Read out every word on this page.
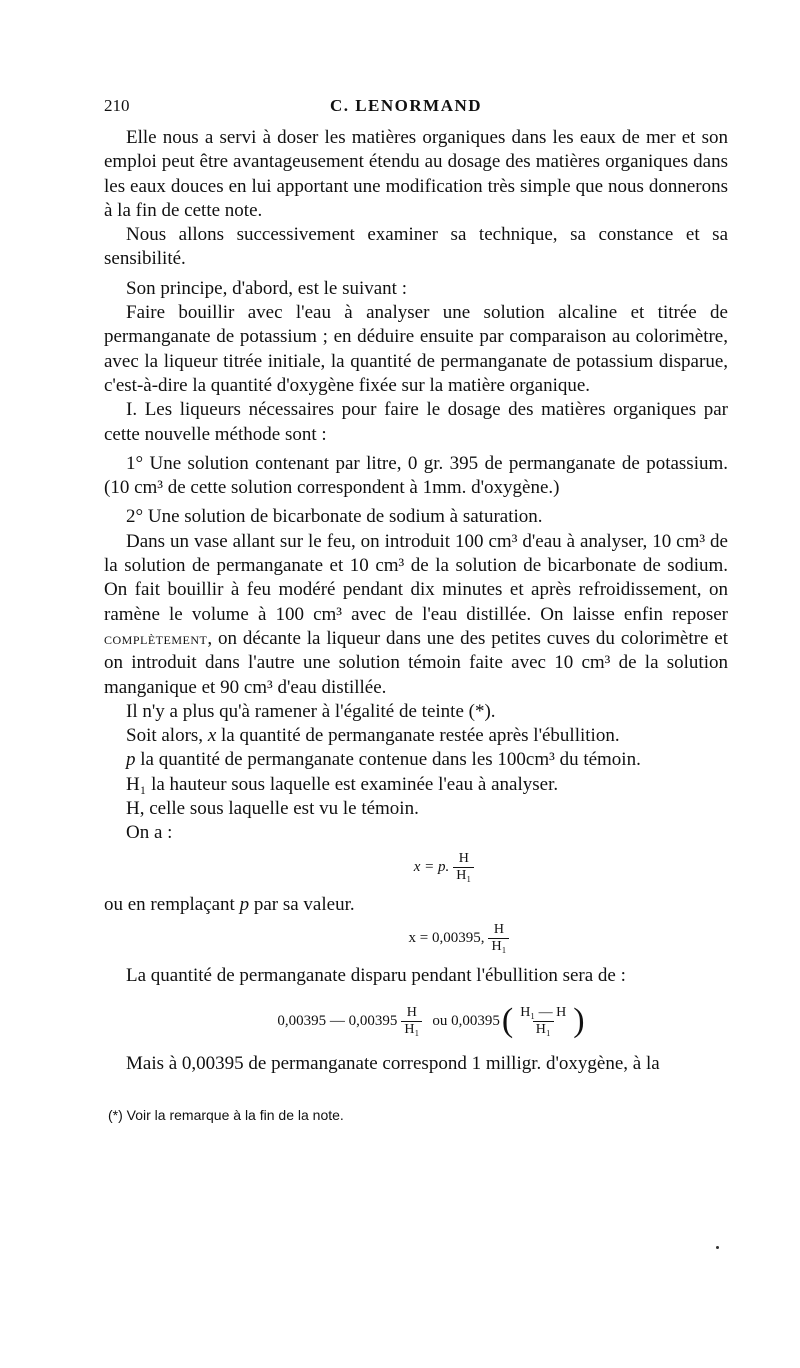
210	C. LENORMAND

Elle nous a servi à doser les matières organiques dans les eaux de mer et son emploi peut être avantageusement étendu au dosage des matières organiques dans les eaux douces en lui apportant une modification très simple que nous donnerons à la fin de cette note.

Nous allons successivement examiner sa technique, sa constance et sa sensibilité.

Son principe, d'abord, est le suivant :

Faire bouillir avec l'eau à analyser une solution alcaline et titrée de permanganate de potassium ; en déduire ensuite par comparaison au colorimètre, avec la liqueur titrée initiale, la quantité de permanganate de potassium disparue, c'est-à-dire la quantité d'oxygène fixée sur la matière organique.

I. Les liqueurs nécessaires pour faire le dosage des matières organiques par cette nouvelle méthode sont :

1° Une solution contenant par litre, 0 gr. 395 de permanganate de potassium. (10 cm³ de cette solution correspondent à 1mm. d'oxygène.)

2° Une solution de bicarbonate de sodium à saturation.

Dans un vase allant sur le feu, on introduit 100 cm³ d'eau à analyser, 10 cm³ de la solution de permanganate et 10 cm³ de la solution de bicarbonate de sodium. On fait bouillir à feu modéré pendant dix minutes et après refroidissement, on ramène le volume à 100 cm³ avec de l'eau distillée. On laisse enfin reposer complètement, on décante la liqueur dans une des petites cuves du colorimètre et on introduit dans l'autre une solution témoin faite avec 10 cm³ de la solution manganique et 90 cm³ d'eau distillée.

Il n'y a plus qu'à ramener à l'égalité de teinte (*).

Soit alors, x la quantité de permanganate restée après l'ébullition.

p la quantité de permanganate contenue dans les 100cm³ du témoin.

H₁ la hauteur sous laquelle est examinée l'eau à analyser.

H, celle sous laquelle est vu le témoin.

On a :

x = p. $\frac{H}{\text{H₁}}$

ou en remplaçant p par sa valeur.

x = 0,00395, $\frac{H}{\text{H₁}}$

La quantité de permanganate disparu pendant l'ébullition sera de :

0,00395 — $0,00395 \frac{H}{\text{H₁}}$ ou 0,00395 ( $\frac{\text{H₁ — H}}{\text{H₁}}$ )

Mais à 0,00395 de permanganate correspond 1 milligr. d'oxygène, à la

(*) Voir la remarque à la fin de la note.
